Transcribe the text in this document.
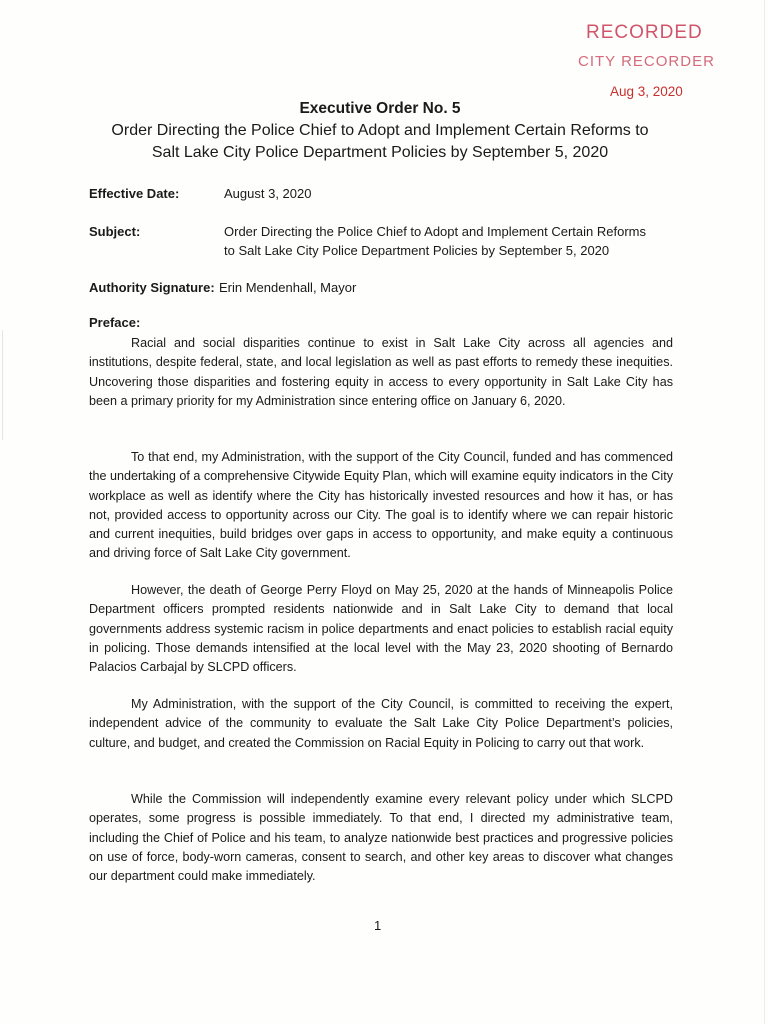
RECORDED
CITY RECORDER
Aug 3, 2020
Executive Order No. 5
Order Directing the Police Chief to Adopt and Implement Certain Reforms to
Salt Lake City Police Department Policies by September 5, 2020
Effective Date:	August 3, 2020
Subject:	Order Directing the Police Chief to Adopt and Implement Certain Reforms
to Salt Lake City Police Department Policies by September 5, 2020
Authority Signature: Erin Mendenhall, Mayor
Preface:

Racial and social disparities continue to exist in Salt Lake City across all agencies and institutions, despite federal, state, and local legislation as well as past efforts to remedy these inequities. Uncovering those disparities and fostering equity in access to every opportunity in Salt Lake City has been a primary priority for my Administration since entering office on January 6, 2020.

To that end, my Administration, with the support of the City Council, funded and has commenced the undertaking of a comprehensive Citywide Equity Plan, which will examine equity indicators in the City workplace as well as identify where the City has historically invested resources and how it has, or has not, provided access to opportunity across our City. The goal is to identify where we can repair historic and current inequities, build bridges over gaps in access to opportunity, and make equity a continuous and driving force of Salt Lake City government.

However, the death of George Perry Floyd on May 25, 2020 at the hands of Minneapolis Police Department officers prompted residents nationwide and in Salt Lake City to demand that local governments address systemic racism in police departments and enact policies to establish racial equity in policing. Those demands intensified at the local level with the May 23, 2020 shooting of Bernardo Palacios Carbajal by SLCPD officers.

My Administration, with the support of the City Council, is committed to receiving the expert, independent advice of the community to evaluate the Salt Lake City Police Department’s policies, culture, and budget, and created the Commission on Racial Equity in Policing to carry out that work.

While the Commission will independently examine every relevant policy under which SLCPD operates, some progress is possible immediately. To that end, I directed my administrative team, including the Chief of Police and his team, to analyze nationwide best practices and progressive policies on use of force, body-worn cameras, consent to search, and other key areas to discover what changes our department could make immediately.

1
